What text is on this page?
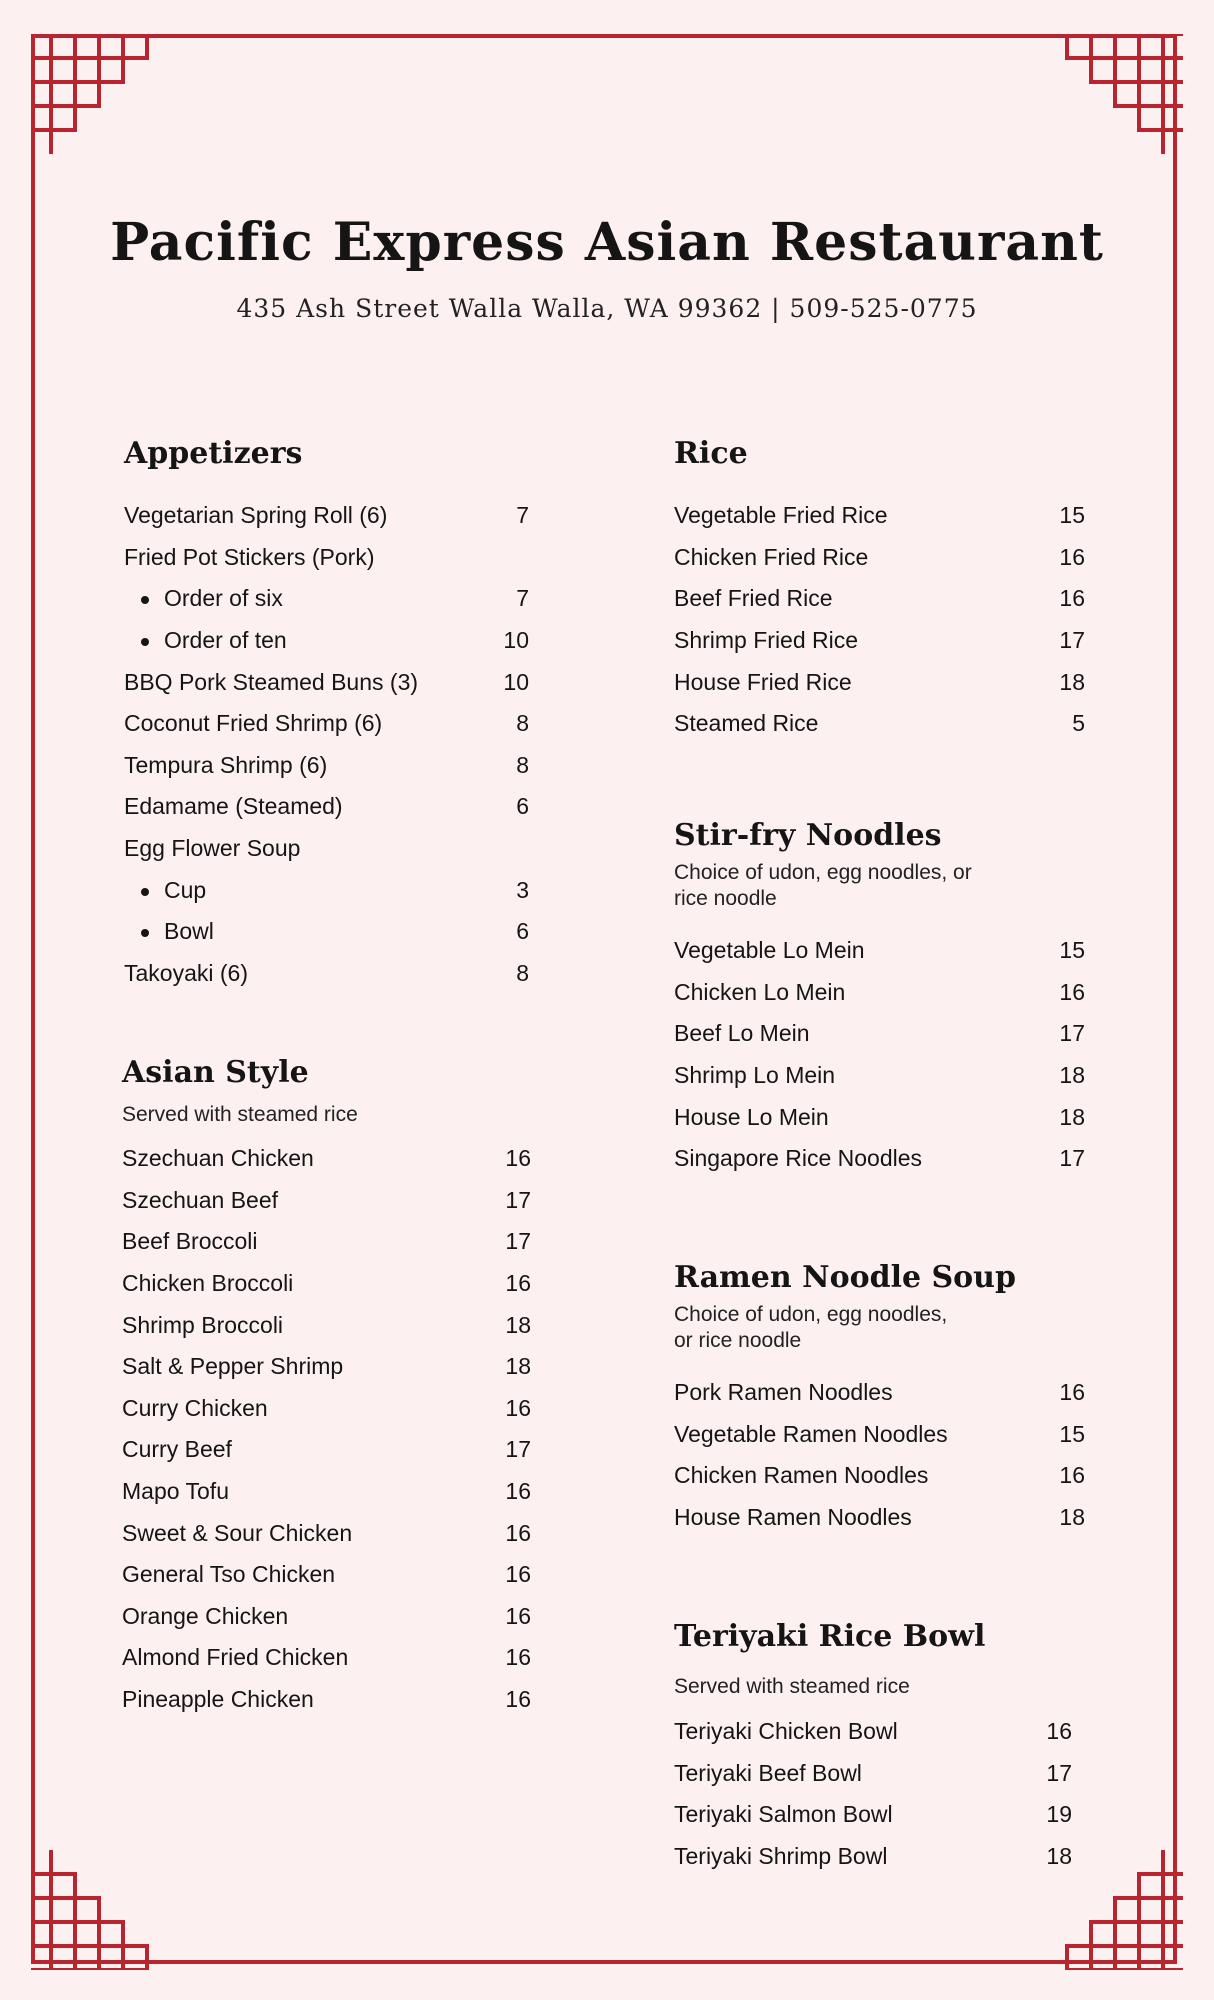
Pacific Express Asian Restaurant
435 Ash Street Walla Walla, WA 99362 | 509-525-0775
Appetizers
Vegetarian Spring Roll (6)	7
Fried Pot Stickers (Pork)
Order of six	7
Order of ten	10
BBQ Pork Steamed Buns (3)	10
Coconut Fried Shrimp (6)	8
Tempura Shrimp (6)	8
Edamame (Steamed)	6
Egg Flower Soup
Cup	3
Bowl	6
Takoyaki (6)	8
Asian Style
Served with steamed rice
Szechuan Chicken	16
Szechuan Beef	17
Beef Broccoli	17
Chicken Broccoli	16
Shrimp Broccoli	18
Salt & Pepper Shrimp	18
Curry Chicken	16
Curry Beef	17
Mapo Tofu	16
Sweet & Sour Chicken	16
General Tso Chicken	16
Orange Chicken	16
Almond Fried Chicken	16
Pineapple Chicken	16
Rice
Vegetable Fried Rice	15
Chicken Fried Rice	16
Beef Fried Rice	16
Shrimp Fried Rice	17
House Fried Rice	18
Steamed Rice	5
Stir-fry Noodles
Choice of udon, egg noodles, or
rice noodle
Vegetable Lo Mein	15
Chicken Lo Mein	16
Beef Lo Mein	17
Shrimp Lo Mein	18
House Lo Mein	18
Singapore Rice Noodles	17
Ramen Noodle Soup
Choice of udon, egg noodles,
or rice noodle
Pork Ramen Noodles	16
Vegetable Ramen Noodles	15
Chicken Ramen Noodles	16
House Ramen Noodles	18
Teriyaki Rice Bowl
Served with steamed rice
Teriyaki Chicken Bowl	16
Teriyaki Beef Bowl	17
Teriyaki Salmon Bowl	19
Teriyaki Shrimp Bowl	18
